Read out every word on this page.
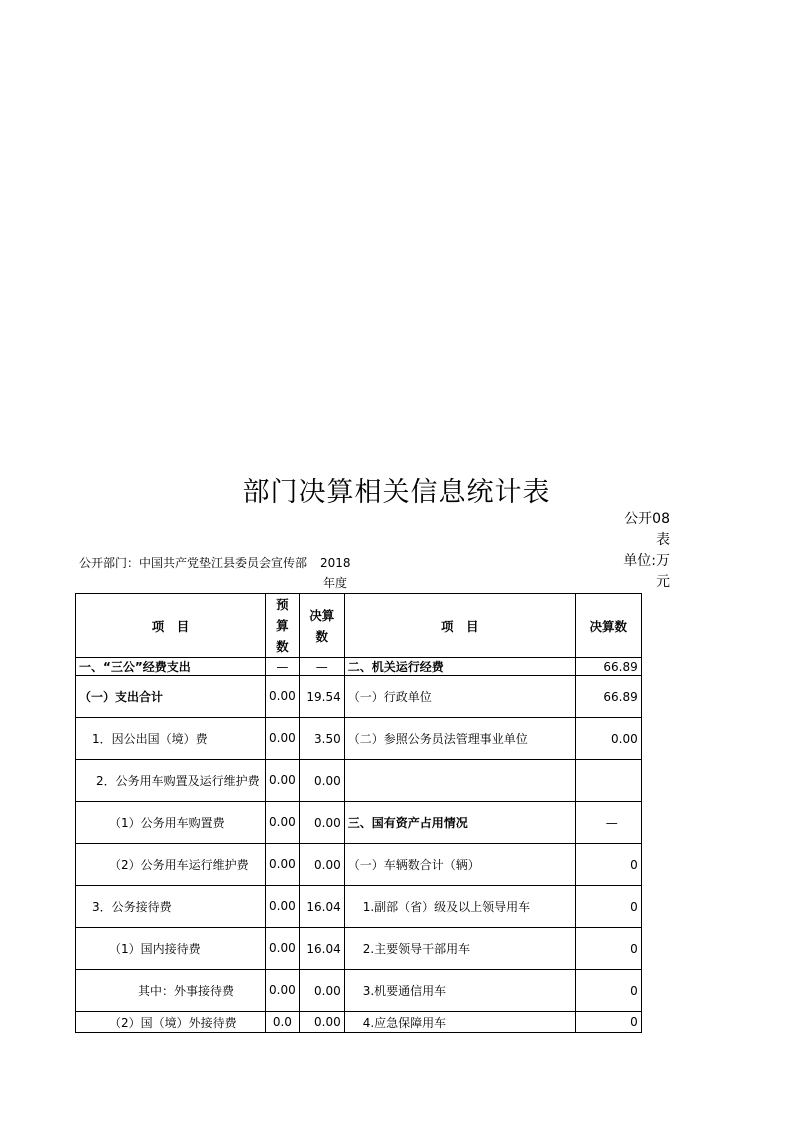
部门决算相关信息统计表
公开08
表
公开部门：中国共产党垫江县委员会宣传部 2018年度
单位:万
元
项　目	预算数	决算数	项　目	决算数
一、“三公”经费支出	—	—	二、机关运行经费	66.89
（一）支出合计	0.00	19.54	（一）行政单位	66.89
1．因公出国（境）费	0.00	3.50	（二）参照公务员法管理事业单位	0.00
2．公务用车购置及运行维护费	0.00	0.00		
（1）公务用车购置费	0.00	0.00	三、国有资产占用情况	—
（2）公务用车运行维护费	0.00	0.00	（一）车辆数合计（辆）	0
3．公务接待费	0.00	16.04	1.副部（省）级及以上领导用车	0
（1）国内接待费	0.00	16.04	2.主要领导干部用车	0
其中：外事接待费	0.00	0.00	3.机要通信用车	0
（2）国（境）外接待费	0.0	0.00	4.应急保障用车	0
